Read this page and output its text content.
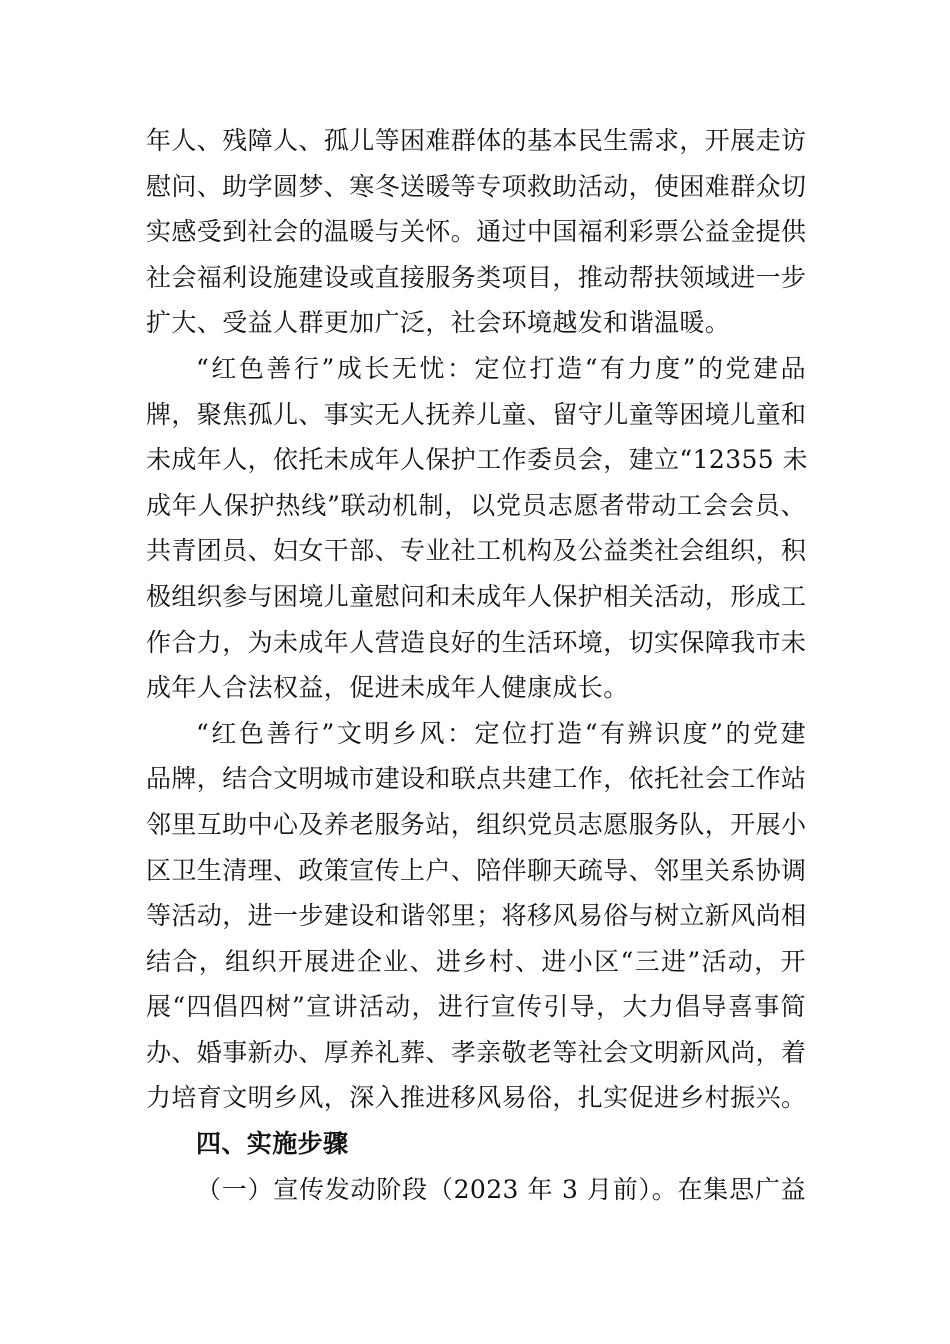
年人、残障人、孤儿等困难群体的基本民生需求，开展走访
慰问、助学圆梦、寒冬送暖等专项救助活动，使困难群众切
实感受到社会的温暖与关怀。通过中国福利彩票公益金提供
社会福利设施建设或直接服务类项目，推动帮扶领域进一步
扩大、受益人群更加广泛，社会环境越发和谐温暖。
“红色善行”成长无忧：定位打造“有力度”的党建品
牌，聚焦孤儿、事实无人抚养儿童、留守儿童等困境儿童和
未成年人，依托未成年人保护工作委员会，建立“12355 未
成年人保护热线”联动机制，以党员志愿者带动工会会员、
共青团员、妇女干部、专业社工机构及公益类社会组织，积
极组织参与困境儿童慰问和未成年人保护相关活动，形成工
作合力，为未成年人营造良好的生活环境，切实保障我市未
成年人合法权益，促进未成年人健康成长。
“红色善行”文明乡风：定位打造“有辨识度”的党建
品牌，结合文明城市建设和联点共建工作，依托社会工作站
邻里互助中心及养老服务站，组织党员志愿服务队，开展小
区卫生清理、政策宣传上户、陪伴聊天疏导、邻里关系协调
等活动，进一步建设和谐邻里；将移风易俗与树立新风尚相
结合，组织开展进企业、进乡村、进小区“三进”活动，开
展“四倡四树”宣讲活动，进行宣传引导，大力倡导喜事简
办、婚事新办、厚养礼葬、孝亲敬老等社会文明新风尚，着
力培育文明乡风，深入推进移风易俗，扎实促进乡村振兴。
四、实施步骤
（一）宣传发动阶段（2023 年 3 月前）。在集思广益
